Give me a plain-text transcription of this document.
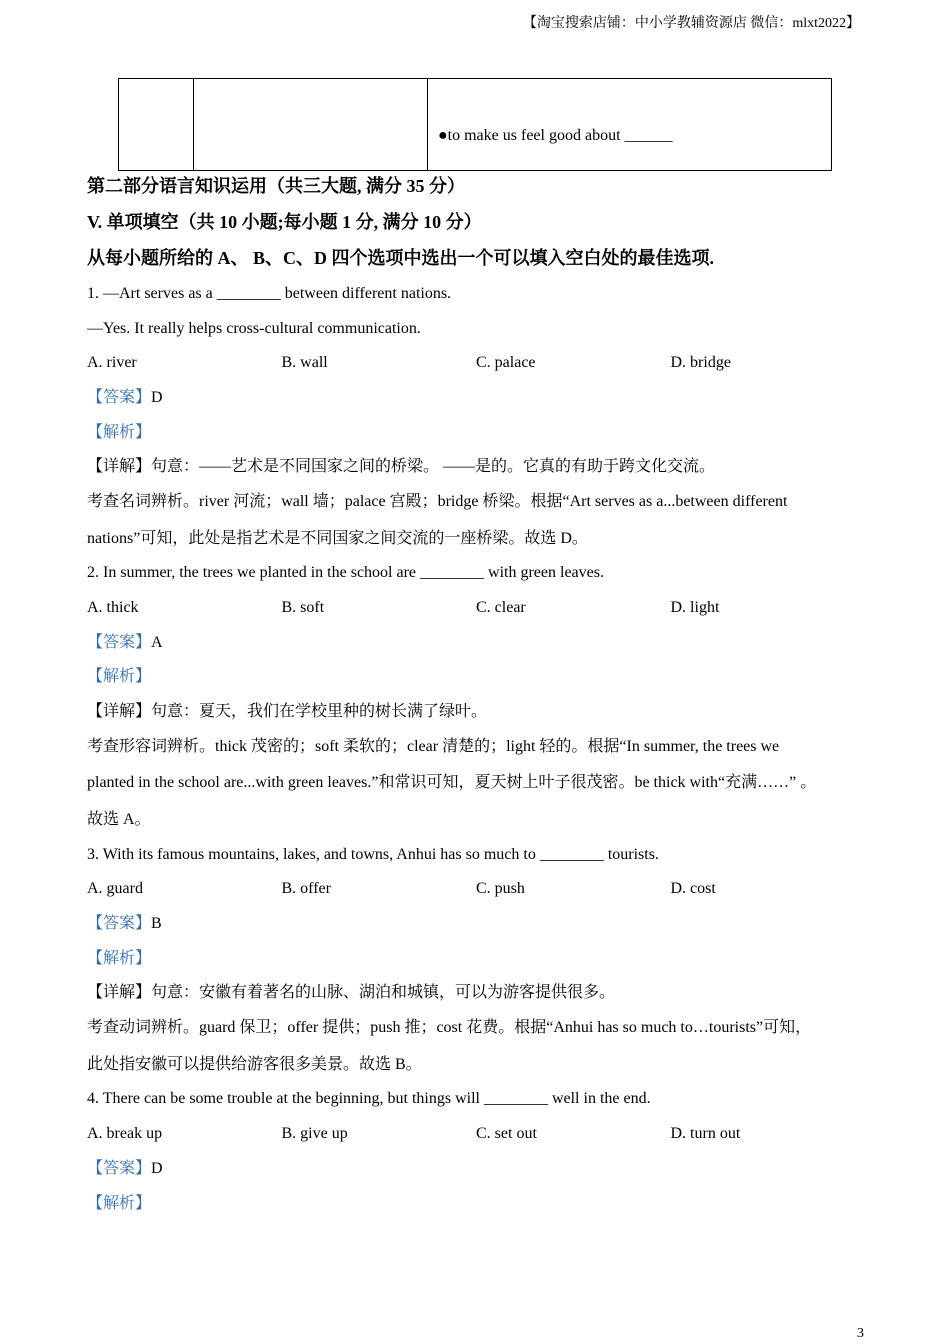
【淘宝搜索店铺：中小学教辅资源店 微信：mlxt2022】
		●to make us feel good about ______
第二部分语言知识运用（共三大题, 满分 35 分）
V. 单项填空（共 10 小题;每小题 1 分, 满分 10 分）
从每小题所给的 A、 B、C、D 四个选项中选出一个可以填入空白处的最佳选项.
1. —Art serves as a ________ between different nations.
—Yes. It really helps cross-cultural communication.
A. river	B. wall	C. palace	D. bridge
【答案】D
【解析】
【详解】句意：——艺术是不同国家之间的桥梁。 ——是的。它真的有助于跨文化交流。
考查名词辨析。river 河流；wall 墙；palace 宫殿；bridge 桥梁。根据“Art serves as a...between different
nations”可知，此处是指艺术是不同国家之间交流的一座桥梁。故选 D。
2. In summer, the trees we planted in the school are ________ with green leaves.
A. thick	B. soft	C. clear	D. light
【答案】A
【解析】
【详解】句意：夏天，我们在学校里种的树长满了绿叶。
考查形容词辨析。thick 茂密的；soft 柔软的；clear 清楚的；light 轻的。根据“In summer, the trees we
planted in the school are...with green leaves.”和常识可知，夏天树上叶子很茂密。be thick with“充满……” 。
故选 A。
3. With its famous mountains, lakes, and towns, Anhui has so much to ________ tourists.
A. guard	B. offer	C. push	D. cost
【答案】B
【解析】
【详解】句意：安徽有着著名的山脉、湖泊和城镇，可以为游客提供很多。
考查动词辨析。guard 保卫；offer 提供；push 推；cost 花费。根据“Anhui has so much to…tourists”可知，
此处指安徽可以提供给游客很多美景。故选 B。
4. There can be some trouble at the beginning, but things will ________ well in the end.
A. break up	B. give up	C. set out	D. turn out
【答案】D
【解析】
3
